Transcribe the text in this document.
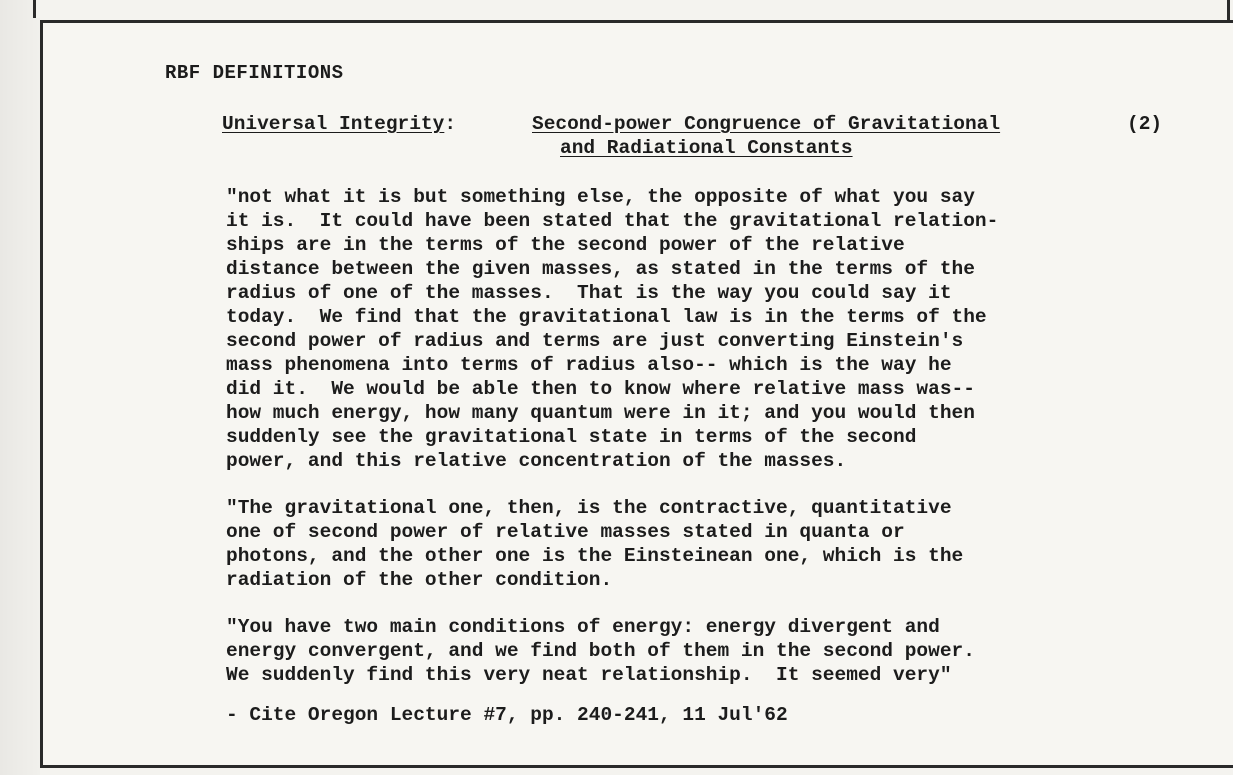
RBF DEFINITIONS
Universal Integrity:	Second-power Congruence of Gravitational
and Radiational Constants
(2)
"not what it is but something else, the opposite of what you say
it is.  It could have been stated that the gravitational relation-
ships are in the terms of the second power of the relative
distance between the given masses, as stated in the terms of the
radius of one of the masses.  That is the way you could say it
today.  We find that the gravitational law is in the terms of the
second power of radius and terms are just converting Einstein's
mass phenomena into terms of radius also-- which is the way he
did it.  We would be able then to know where relative mass was--
how much energy, how many quantum were in it; and you would then
suddenly see the gravitational state in terms of the second
power, and this relative concentration of the masses.
"The gravitational one, then, is the contractive, quantitative
one of second power of relative masses stated in quanta or
photons, and the other one is the Einsteinean one, which is the
radiation of the other condition.
"You have two main conditions of energy: energy divergent and
energy convergent, and we find both of them in the second power.
We suddenly find this very neat relationship.  It seemed very"
- Cite Oregon Lecture #7, pp. 240-241, 11 Jul'62
